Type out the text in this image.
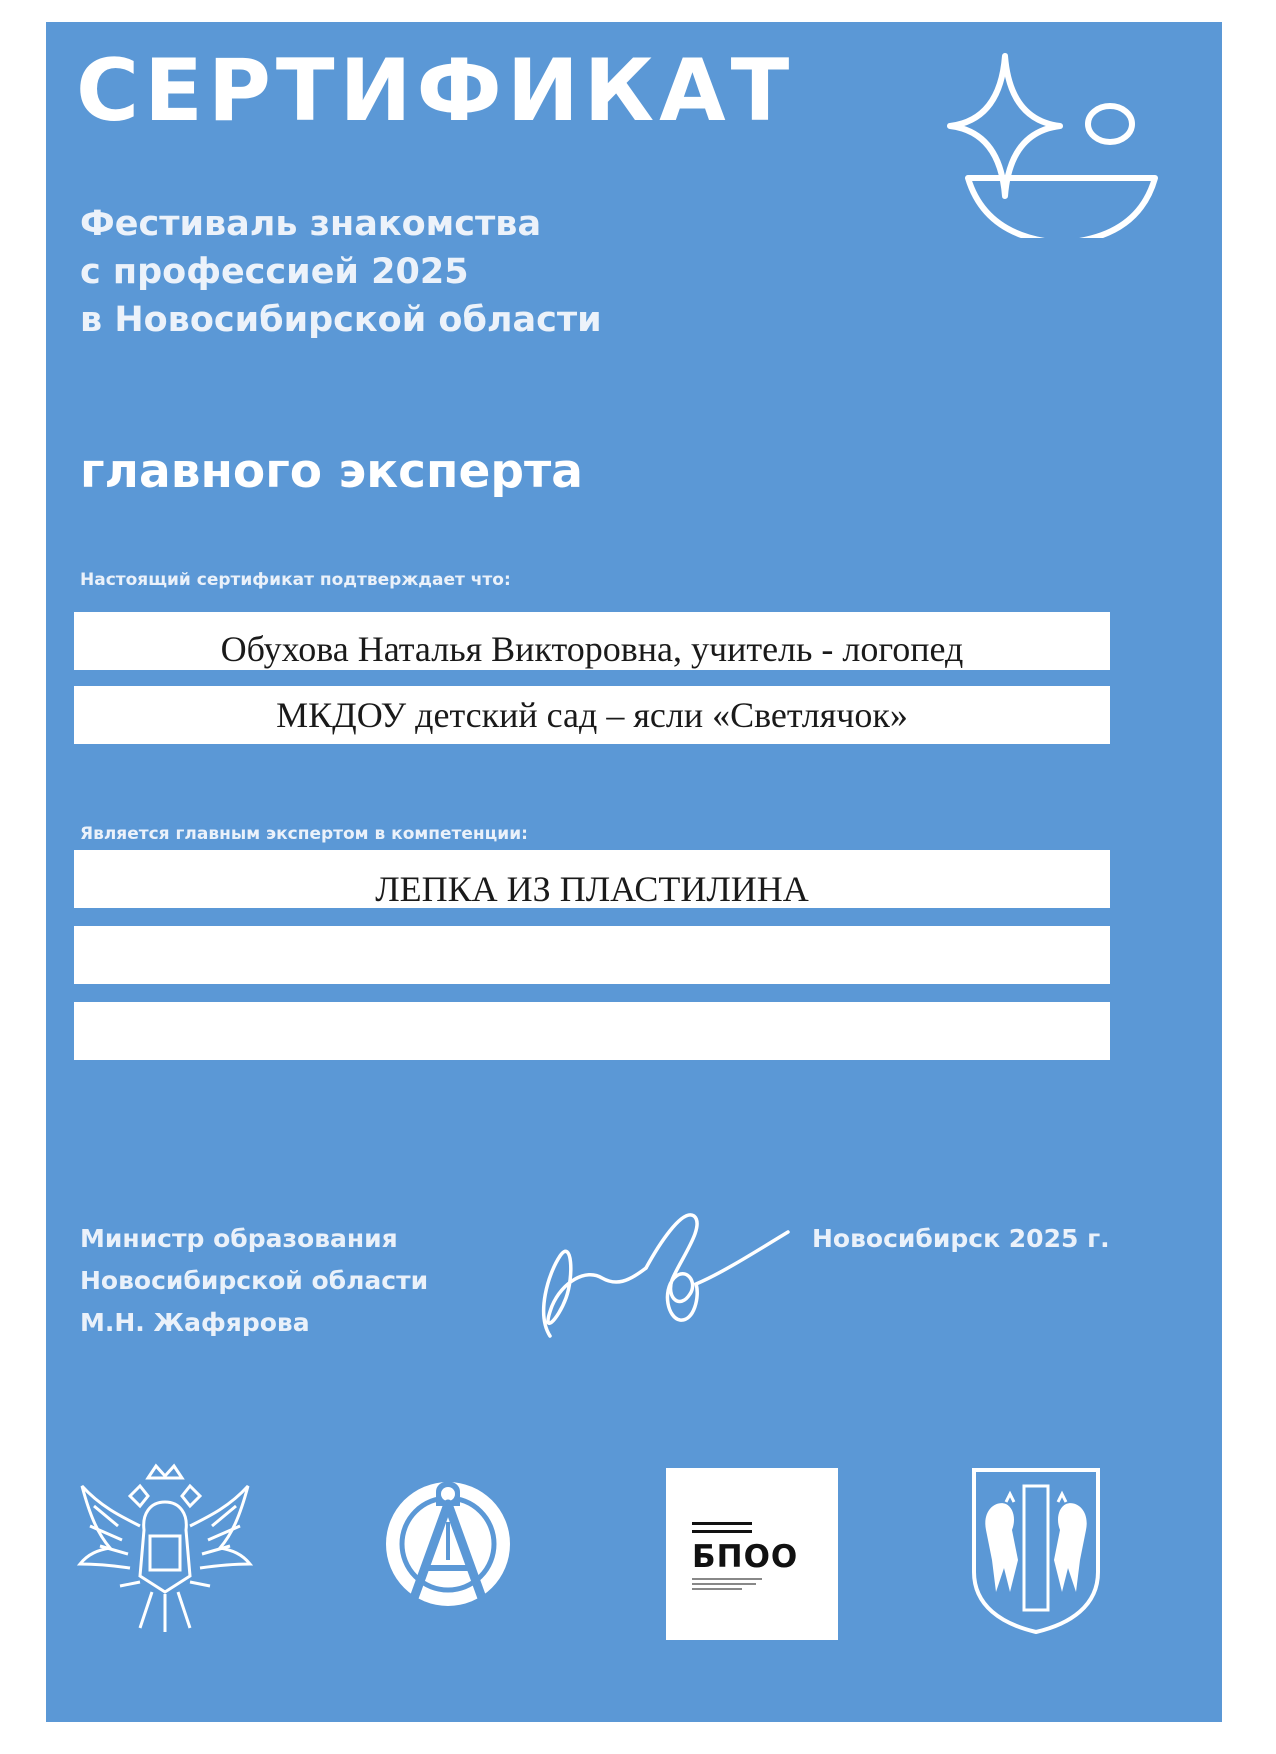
СЕРТИФИКАТ
Фестиваль знакомства
с профессией 2025
в Новосибирской области
главного эксперта
Настоящий сертификат подтверждает что:
Обухова Наталья Викторовна, учитель - логопед
МКДОУ детский сад – ясли «Светлячок»
Является главным экспертом в компетенции:
ЛЕПКА ИЗ ПЛАСТИЛИНА
Министр образования
Новосибирской области
М.Н. Жафярова
Новосибирск 2025 г.
БПОО
